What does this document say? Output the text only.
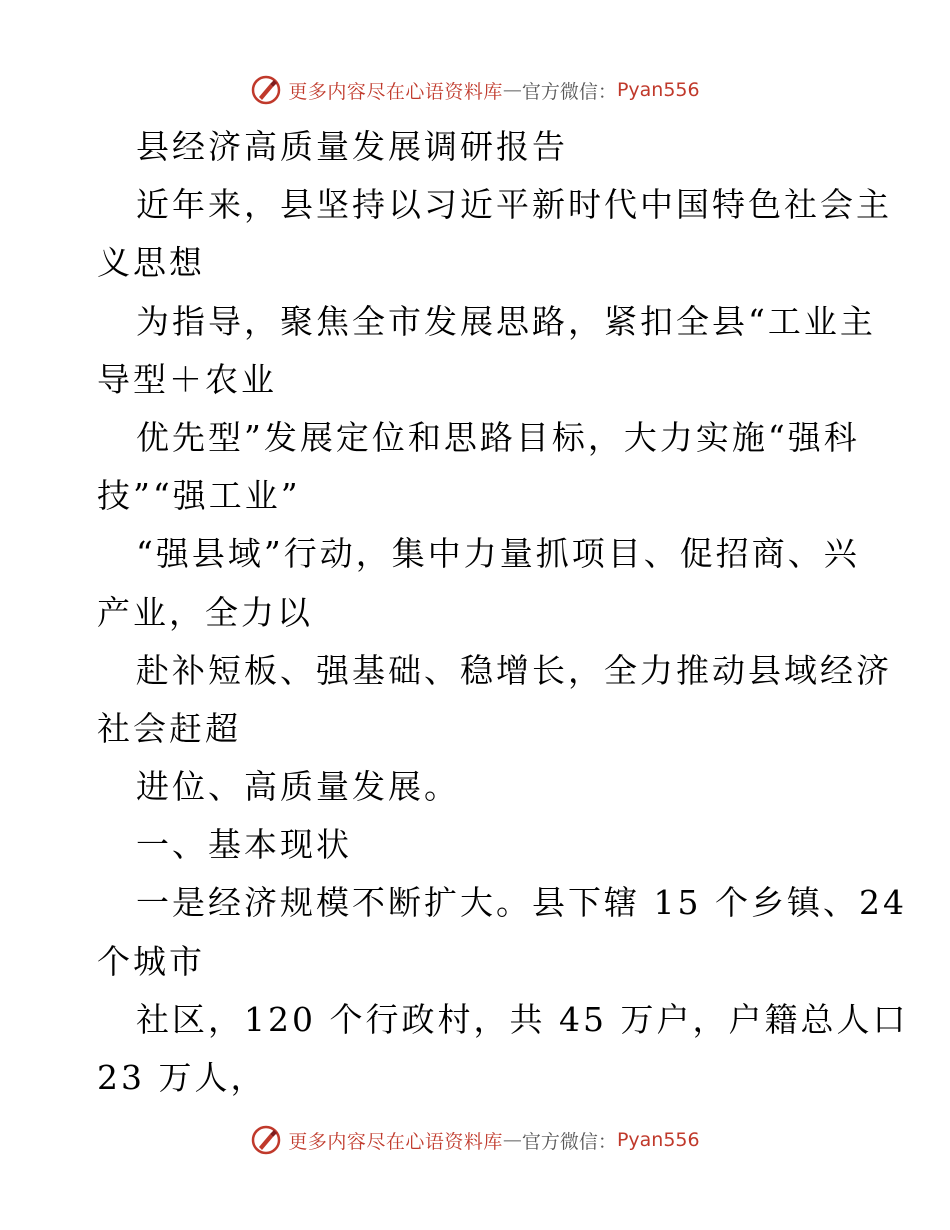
更多内容尽在心语资料库 — 官方微信： Pyan556
县经济高质量发展调研报告
近年来，县坚持以习近平新时代中国特色社会主
义思想
为指导，聚焦全市发展思路，紧扣全县“工业主
导型＋农业
优先型”发展定位和思路目标，大力实施“强科
技”“强工业”
“强县域”行动，集中力量抓项目、促招商、兴
产业，全力以
赴补短板、强基础、稳增长，全力推动县域经济
社会赶超
进位、高质量发展。
一、基本现状
一是经济规模不断扩大。县下辖 15 个乡镇、24
个城市
社区，120 个行政村，共 45 万户，户籍总人口
23 万人，
更多内容尽在心语资料库 — 官方微信： Pyan556
